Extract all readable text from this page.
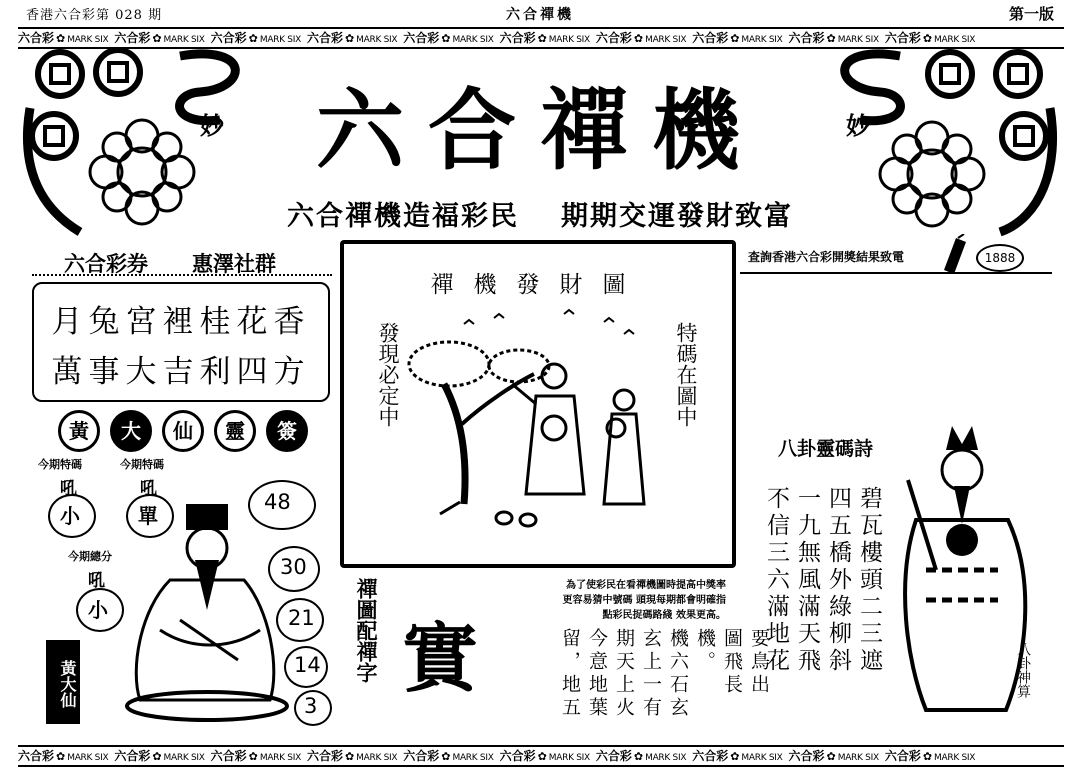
香港六合彩第 028 期	六合禪機	第一版
六合彩 ✿ MARK SIX 六合彩 ✿ MARK SIX 六合彩 ✿ MARK SIX 六合彩 ✿ MARK SIX 六合彩 ✿ MARK SIX 六合彩 ✿ MARK SIX 六合彩 ✿ MARK SIX 六合彩 ✿ MARK SIX 六合彩 ✿ MARK SIX 六合彩 ✿ MARK SIX
妙	六合禪機	妙
六合禪機造福彩民 期期交運發財致富
六合彩券 惠澤社群
月兔宮裡桂花香
萬事大吉利四方
黃	大	仙	靈	簽
今期特碼
吼
小
今期特碼
吼
單
今期總分
吼
小
48
30
21
14
3
黃大仙
禪機發財圖
發現必定中	特碼在圖中
為了使彩民在看禪機圖時提高中獎率 更容易猜中號碼 頭現每期都會明確指點彩民捉碼路綫 效果更高。
禪圖配禪字 實	要鳥出
圖飛長機。
機六石玄
玄上一有
期天上火
今意地葉
留，地五
查詢香港六合彩開獎結果致電	1888
八卦靈碼詩
碧瓦樓頭二三遮
四五橋外綠柳斜
一九無風滿天飛
不信三六滿地花	八卦神算
六合彩 ✿ MARK SIX 六合彩 ✿ MARK SIX 六合彩 ✿ MARK SIX 六合彩 ✿ MARK SIX 六合彩 ✿ MARK SIX 六合彩 ✿ MARK SIX 六合彩 ✿ MARK SIX 六合彩 ✿ MARK SIX 六合彩 ✿ MARK SIX 六合彩 ✿ MARK SIX
